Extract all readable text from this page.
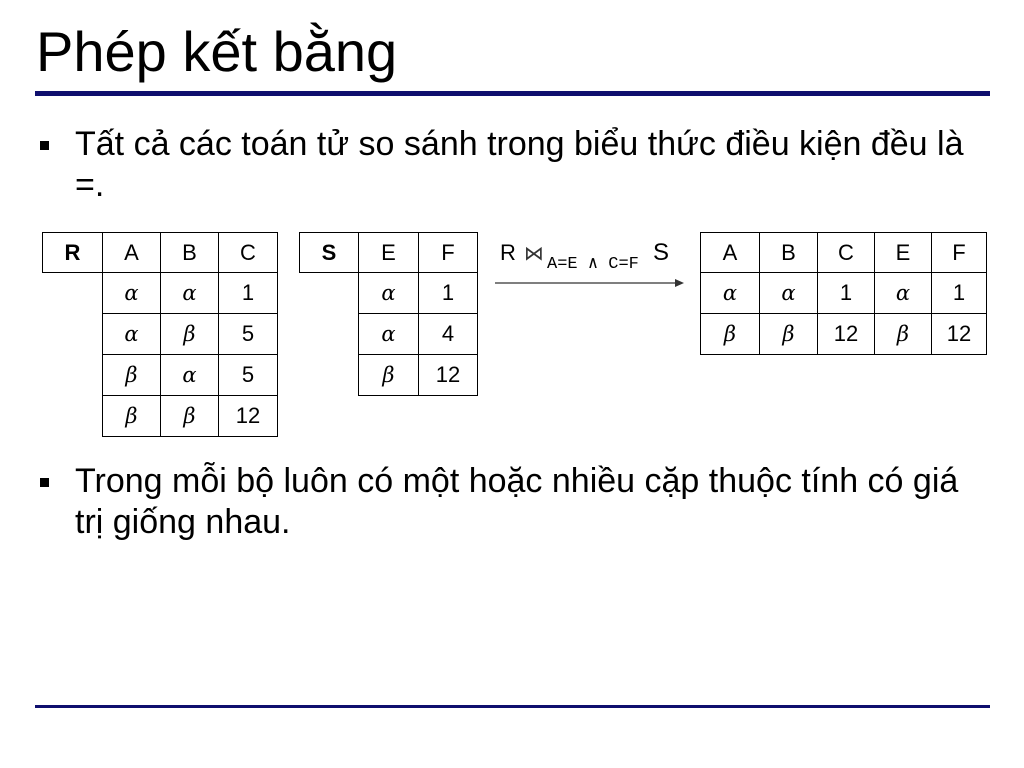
Phép kết bằng
Tất cả các toán tử so sánh trong biểu thức điều kiện đều là =.
R	A	B	C
	α	α	1
	α	β	5
	β	α	5
	β	β	12
S	E	F
	α	1
	α	4
	β	12
R ⋈ $_{A=E \wedge C=F}$ S A	B	C	E	F
α	α	1	α	1
β	β	12	β	12
Trong mỗi bộ luôn có một hoặc nhiều cặp thuộc tính có giá trị giống nhau.
